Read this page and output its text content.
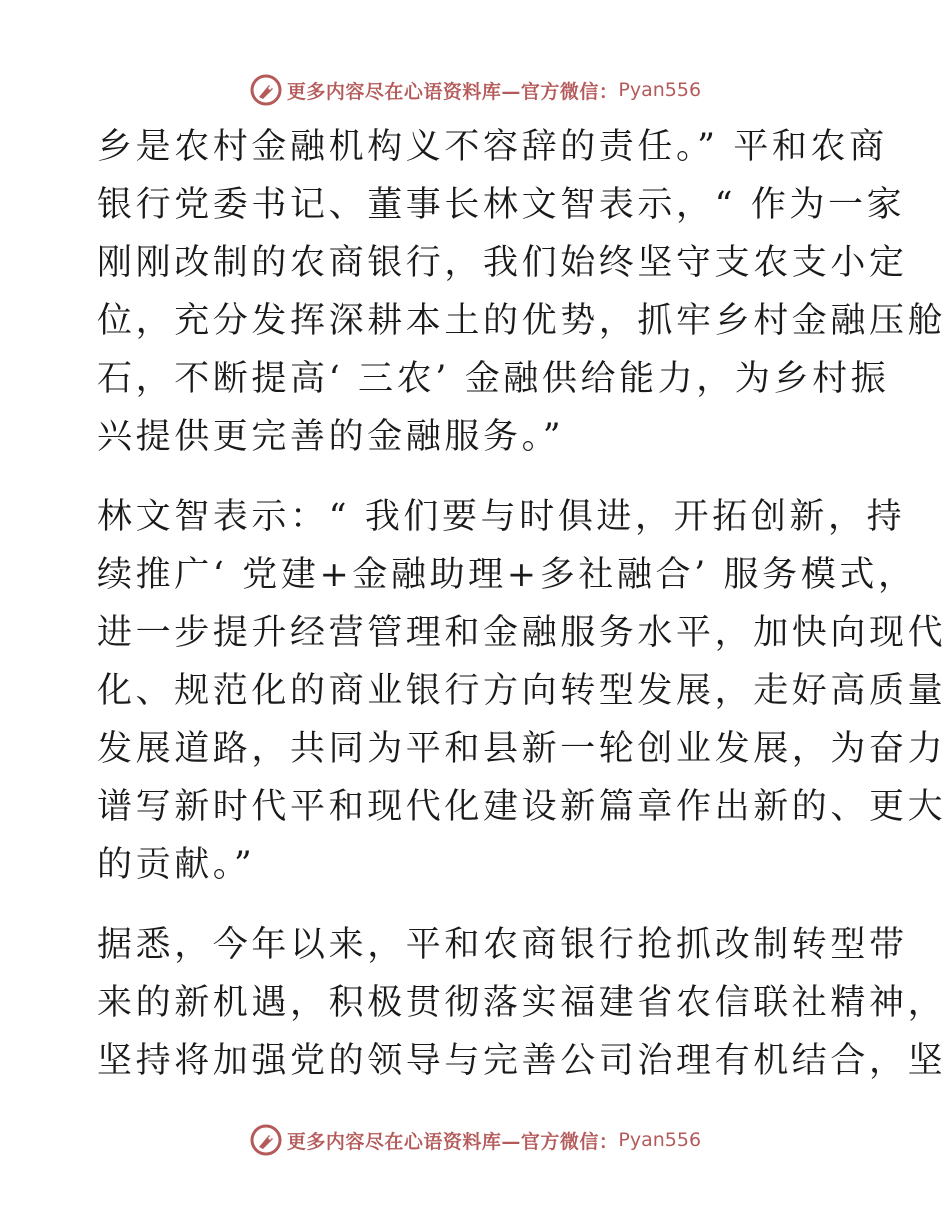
更多内容尽在心语资料库—官方微信： Pyan556
乡是农村金融机构义不容辞的责任。” 平和农商
银行党委书记、董事长林文智表示，“ 作为一家
刚刚改制的农商银行，我们始终坚守支农支小定
位，充分发挥深耕本土的优势，抓牢乡村金融压舱
石，不断提高‘ 三农’ 金融供给能力，为乡村振
兴提供更完善的金融服务。”
林文智表示：“ 我们要与时俱进，开拓创新，持
续推广‘ 党建+金融助理+多社融合’ 服务模式，
进一步提升经营管理和金融服务水平，加快向现代
化、规范化的商业银行方向转型发展，走好高质量
发展道路，共同为平和县新一轮创业发展，为奋力
谱写新时代平和现代化建设新篇章作出新的、更大
的贡献。”
据悉，今年以来，平和农商银行抢抓改制转型带
来的新机遇，积极贯彻落实福建省农信联社精神，
坚持将加强党的领导与完善公司治理有机结合，坚
更多内容尽在心语资料库—官方微信： Pyan556
